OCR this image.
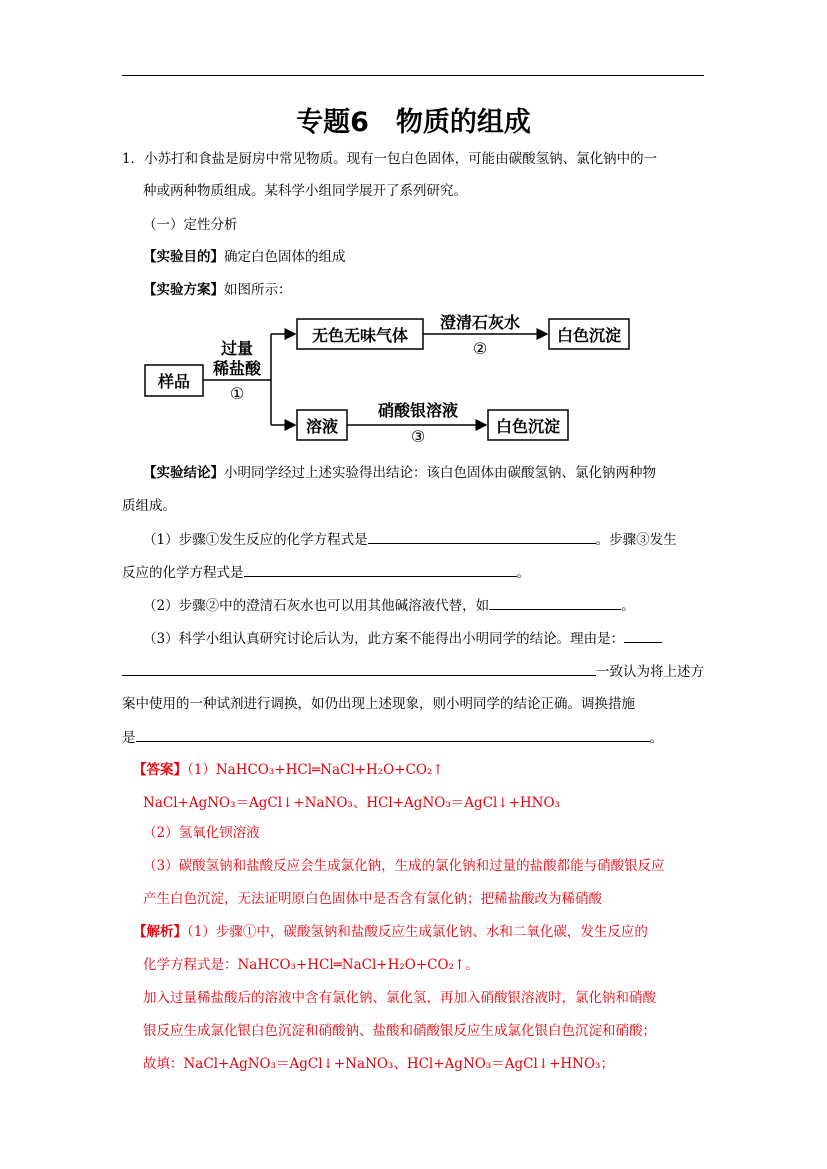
专题6　物质的组成
1．小苏打和食盐是厨房中常见物质。现有一包白色固体，可能由碳酸氢钠、氯化钠中的一
种或两种物质组成。某科学小组同学展开了系列研究。
（一）定性分析
【实验目的】确定白色固体的组成
【实验方案】如图所示：
样品
过量
稀盐酸
①
无色无味气体
澄清石灰水
②
白色沉淀
溶液
硝酸银溶液
③
白色沉淀
【实验结论】小明同学经过上述实验得出结论：该白色固体由碳酸氢钠、氯化钠两种物
质组成。
（1）步骤①发生反应的化学方程式是	。步骤③发生
反应的化学方程式是	。
（2）步骤②中的澄清石灰水也可以用其他碱溶液代替，如	。
（3）科学小组认真研究讨论后认为，此方案不能得出小明同学的结论。理由是：
一致认为将上述方
案中使用的一种试剂进行调换，如仍出现上述现象，则小明同学的结论正确。调换措施
是	。
【答案】（1）NaHCO₃+HCl═NaCl+H₂O+CO₂↑
NaCl+AgNO₃＝AgCl↓+NaNO₃、HCl+AgNO₃＝AgCl↓+HNO₃
（2）氢氧化钡溶液
（3）碳酸氢钠和盐酸反应会生成氯化钠，生成的氯化钠和过量的盐酸都能与硝酸银反应
产生白色沉淀，无法证明原白色固体中是否含有氯化钠；把稀盐酸改为稀硝酸
【解析】（1）步骤①中，碳酸氢钠和盐酸反应生成氯化钠、水和二氧化碳，发生反应的
化学方程式是：NaHCO₃+HCl═NaCl+H₂O+CO₂↑。
加入过量稀盐酸后的溶液中含有氯化钠、氯化氢，再加入硝酸银溶液时，氯化钠和硝酸
银反应生成氯化银白色沉淀和硝酸钠、盐酸和硝酸银反应生成氯化银白色沉淀和硝酸；
故填：NaCl+AgNO₃＝AgCl↓+NaNO₃、HCl+AgNO₃＝AgCl↓+HNO₃；
